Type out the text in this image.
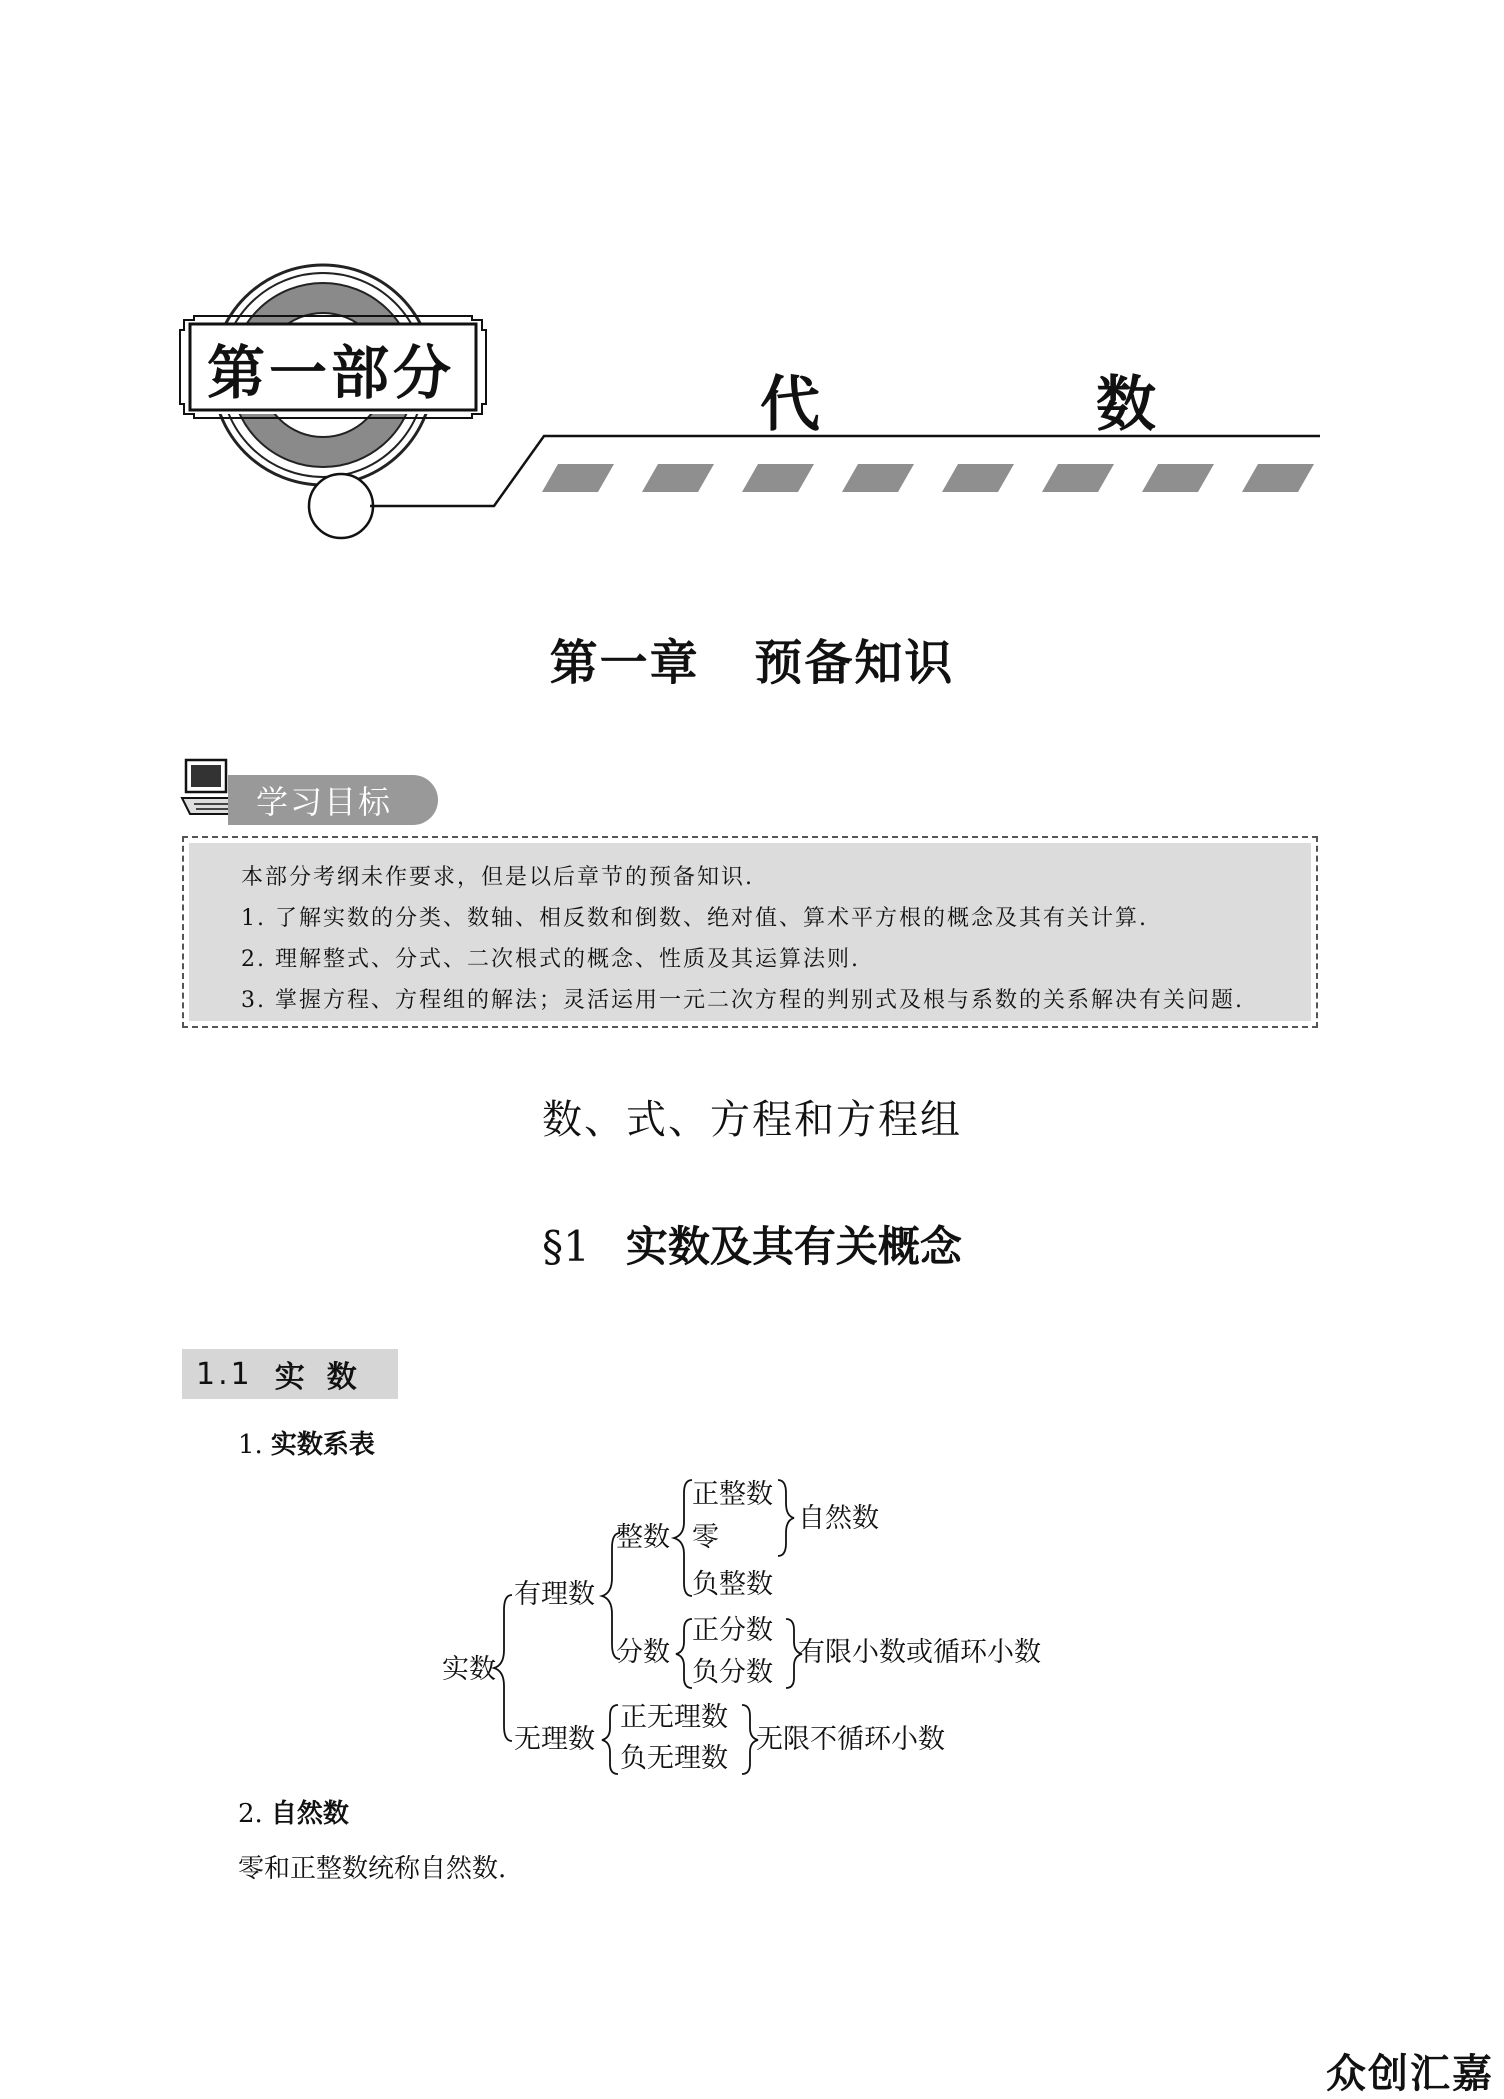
第一部分	代	数
第一章 预备知识
学习目标
本部分考纲未作要求，但是以后章节的预备知识.
1. 了解实数的分类、数轴、相反数和倒数、绝对值、算术平方根的概念及其有关计算.
2. 理解整式、分式、二次根式的概念、性质及其运算法则.
3. 掌握方程、方程组的解法；灵活运用一元二次方程的判别式及根与系数的关系解决有关问题.
数、式、方程和方程组
§1 实数及其有关概念
1.1 实数
1. 实数系表
实数
有理数
整数
正整数
零
负整数
自然数
分数
正分数
负分数
有限小数或循环小数
无理数
正无理数
负无理数
无限不循环小数
2. 自然数
零和正整数统称自然数.
众创汇嘉
